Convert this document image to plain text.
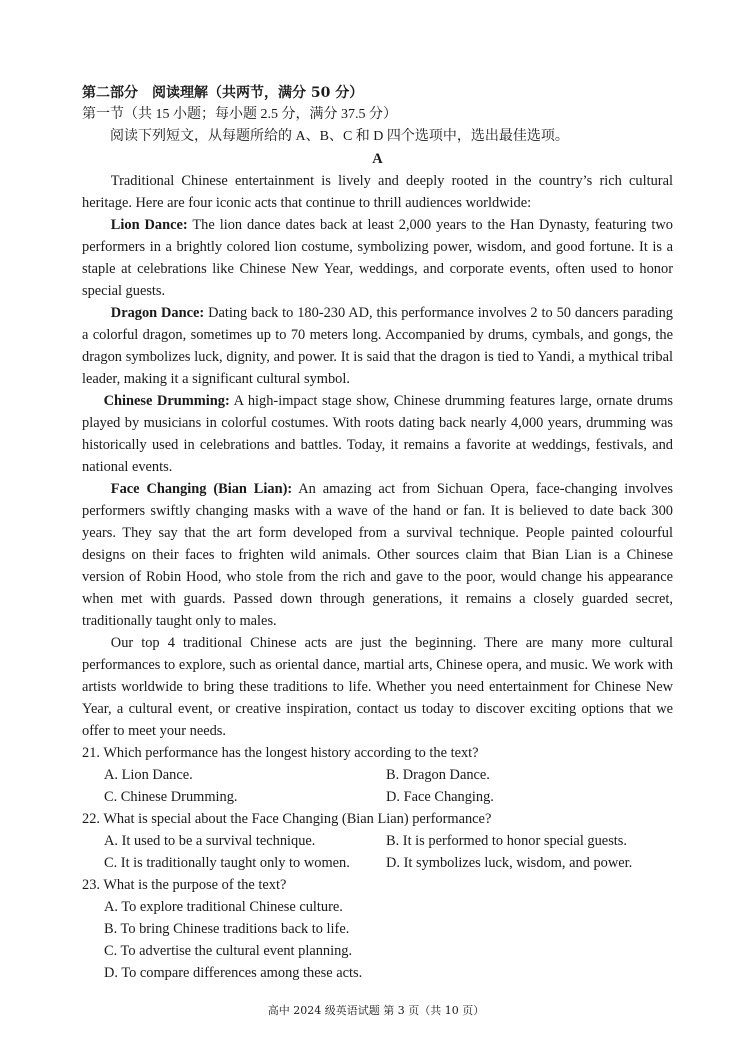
第二部分　阅读理解（共两节，满分 50 分）

第一节（共 15 小题；每小题 2.5 分，满分 37.5 分）

阅读下列短文，从每题所给的 A、B、C 和 D 四个选项中，选出最佳选项。

A

Traditional Chinese entertainment is lively and deeply rooted in the country’s rich cultural heritage. Here are four iconic acts that continue to thrill audiences worldwide:

Lion Dance: The lion dance dates back at least 2,000 years to the Han Dynasty, featuring two performers in a brightly colored lion costume, symbolizing power, wisdom, and good fortune. It is a staple at celebrations like Chinese New Year, weddings, and corporate events, often used to honor special guests.

Dragon Dance: Dating back to 180-230 AD, this performance involves 2 to 50 dancers parading a colorful dragon, sometimes up to 70 meters long. Accompanied by drums, cymbals, and gongs, the dragon symbolizes luck, dignity, and power. It is said that the dragon is tied to Yandi, a mythical tribal leader, making it a significant cultural symbol.

Chinese Drumming: A high-impact stage show, Chinese drumming features large, ornate drums played by musicians in colorful costumes. With roots dating back nearly 4,000 years, drumming was historically used in celebrations and battles. Today, it remains a favorite at weddings, festivals, and national events.

Face Changing (Bian Lian): An amazing act from Sichuan Opera, face-changing involves performers swiftly changing masks with a wave of the hand or fan. It is believed to date back 300 years. They say that the art form developed from a survival technique. People painted colourful designs on their faces to frighten wild animals. Other sources claim that Bian Lian is a Chinese version of Robin Hood, who stole from the rich and gave to the poor, would change his appearance when met with guards. Passed down through generations, it remains a closely guarded secret, traditionally taught only to males.

Our top 4 traditional Chinese acts are just the beginning. There are many more cultural performances to explore, such as oriental dance, martial arts, Chinese opera, and music. We work with artists worldwide to bring these traditions to life. Whether you need entertainment for Chinese New Year, a cultural event, or creative inspiration, contact us today to discover exciting options that we offer to meet your needs.

21. Which performance has the longest history according to the text?

A. Lion Dance.	B. Dragon Dance.
C. Chinese Drumming.	D. Face Changing.

22. What is special about the Face Changing (Bian Lian) performance?

A. It used to be a survival technique.	B. It is performed to honor special guests.
C. It is traditionally taught only to women.	D. It symbolizes luck, wisdom, and power.

23. What is the purpose of the text?

A. To explore traditional Chinese culture.
B. To bring Chinese traditions back to life.
C. To advertise the cultural event planning.
D. To compare differences among these acts.
高中 2024 级英语试题 第 3 页（共 10 页）
